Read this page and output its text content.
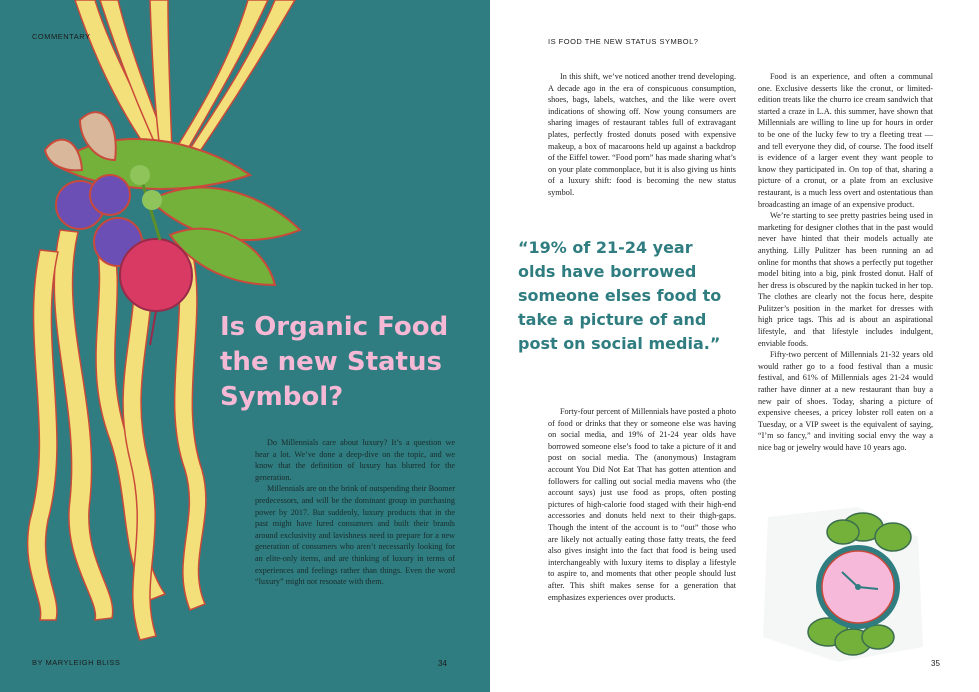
COMMENTARY
Is Organic Food
the new Status
Symbol?

Do Millennials care about luxury? It’s a question we hear a lot. We’ve done a deep-dive on the topic, and we know that the definition of luxury has blurred for the generation.

Millennials are on the brink of outspending their Boomer predecessors, and will be the dominant group in purchasing power by 2017. But suddenly, luxury products that in the past might have lured consumers and built their brands around exclusivity and lavishness need to prepare for a new generation of consumers who aren’t necessarily looking for an elite-only items, and are thinking of luxury in terms of experiences and feelings rather than things. Even the word “luxury” might not resonate with them.

BY MARYLEIGH BLISS	34
IS FOOD THE NEW STATUS SYMBOL?

In this shift, we’ve noticed another trend developing. A decade ago in the era of conspicuous consumption, shoes, bags, labels, watches, and the like were overt indications of showing off. Now young consumers are sharing images of restaurant tables full of extravagant plates, perfectly frosted donuts posed with expensive makeup, a box of macaroons held up against a backdrop of the Eiffel tower. “Food porn” has made sharing what’s on your plate commonplace, but it is also giving us hints of a luxury shift: food is becoming the new status symbol.

“19% of 21-24 year olds have borrowed someone elses food to take a picture of and post on social media.”

Forty-four percent of Millennials have posted a photo of food or drinks that they or someone else was having on social media, and 19% of 21-24 year olds have borrowed someone else’s food to take a picture of it and post on social media. The (anonymous) Instagram account You Did Not Eat That has gotten attention and followers for calling out social media mavens who (the account says) just use food as props, often posting pictures of high-calorie food staged with their high-end accessories and donuts held next to their thigh-gaps. Though the intent of the account is to “out” those who are likely not actually eating those fatty treats, the feed also gives insight into the fact that food is being used interchangeably with luxury items to display a lifestyle to aspire to, and moments that other people should lust after. This shift makes sense for a generation that emphasizes experiences over products.

Food is an experience, and often a communal one. Exclusive desserts like the cronut, or limited-edition treats like the churro ice cream sandwich that started a craze in L.A. this summer, have shown that Millennials are willing to line up for hours in order to be one of the lucky few to try a fleeting treat — and tell everyone they did, of course. The food itself is evidence of a larger event they want people to know they participated in. On top of that, sharing a picture of a cronut, or a plate from an exclusive restaurant, is a much less overt and ostentatious than broadcasting an image of an expensive product.

We’re starting to see pretty pastries being used in marketing for designer clothes that in the past would never have hinted that their models actually ate anything. Lilly Pulitzer has been running an ad online for months that shows a perfectly put together model biting into a big, pink frosted donut. Half of her dress is obscured by the napkin tucked in her top. The clothes are clearly not the focus here, despite Pulitzer’s position in the market for dresses with high price tags. This ad is about an aspirational lifestyle, and that lifestyle includes indulgent, enviable foods.

Fifty-two percent of Millennials 21-32 years old would rather go to a food festival than a music festival, and 61% of Millennials ages 21-24 would rather have dinner at a new restaurant than buy a new pair of shoes. Today, sharing a picture of expensive cheeses, a pricey lobster roll eaten on a Tuesday, or a VIP sweet is the equivalent of saying, “I’m so fancy,” and inviting social envy the way a nice bag or jewelry would have 10 years ago.

35
